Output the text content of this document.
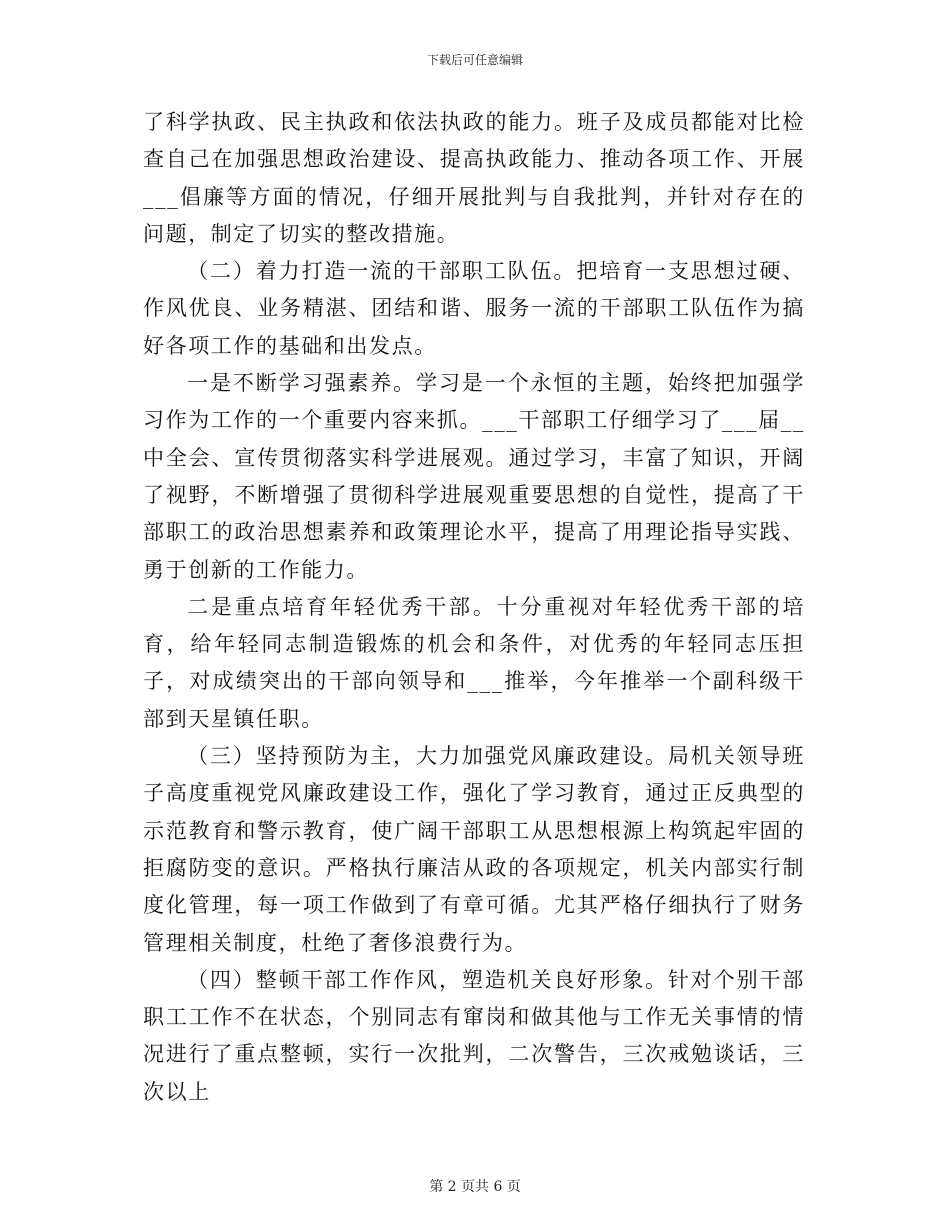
下载后可任意编辑

了科学执政、民主执政和依法执政的能力。班子及成员都能对比检查自己在加强思想政治建设、提高执政能力、推动各项工作、开展___倡廉等方面的情况，仔细开展批判与自我批判，并针对存在的问题，制定了切实的整改措施。

（二）着力打造一流的干部职工队伍。把培育一支思想过硬、作风优良、业务精湛、团结和谐、服务一流的干部职工队伍作为搞好各项工作的基础和出发点。

一是不断学习强素养。学习是一个永恒的主题，始终把加强学习作为工作的一个重要内容来抓。___干部职工仔细学习了___届__中全会、宣传贯彻落实科学进展观。通过学习，丰富了知识，开阔了视野，不断增强了贯彻科学进展观重要思想的自觉性，提高了干部职工的政治思想素养和政策理论水平，提高了用理论指导实践、勇于创新的工作能力。

二是重点培育年轻优秀干部。十分重视对年轻优秀干部的培育，给年轻同志制造锻炼的机会和条件，对优秀的年轻同志压担子，对成绩突出的干部向领导和___推举，今年推举一个副科级干部到天星镇任职。

（三）坚持预防为主，大力加强党风廉政建设。局机关领导班子高度重视党风廉政建设工作，强化了学习教育，通过正反典型的示范教育和警示教育，使广阔干部职工从思想根源上构筑起牢固的拒腐防变的意识。严格执行廉洁从政的各项规定，机关内部实行制度化管理，每一项工作做到了有章可循。尤其严格仔细执行了财务管理相关制度，杜绝了奢侈浪费行为。

（四）整顿干部工作作风，塑造机关良好形象。针对个别干部职工工作不在状态，个别同志有窜岗和做其他与工作无关事情的情况进行了重点整顿，实行一次批判，二次警告，三次戒勉谈话，三次以上

第 2 页共 6 页
